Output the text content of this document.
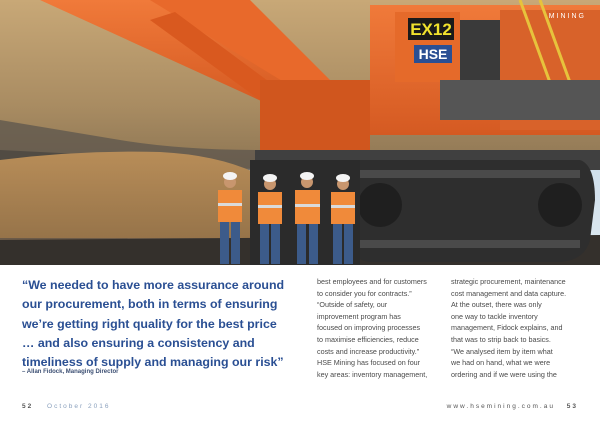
EX12
HSE
MINING
“We needed to have more assurance around
our procurement, both in terms of ensuring
we’re getting right quality for the best price
… and also ensuring a consistency and
timeliness of supply and managing our risk”
– Allan Fidock, Managing Director
best employees and for customers
to consider you for contracts.”
“Outside of safety, our
improvement program has
focused on improving processes
to maximise efficiencies, reduce
costs and increase productivity.”
HSE Mining has focused on four
key areas: inventory management,
strategic procurement, maintenance
cost management and data capture.
At the outset, there was only
one way to tackle inventory
management, Fidock explains, and
that was to strip back to basics.
“We analysed item by item what
we had on hand, what we were
ordering and if we were using the
52 October 2016	www.hsemining.com.au 53
